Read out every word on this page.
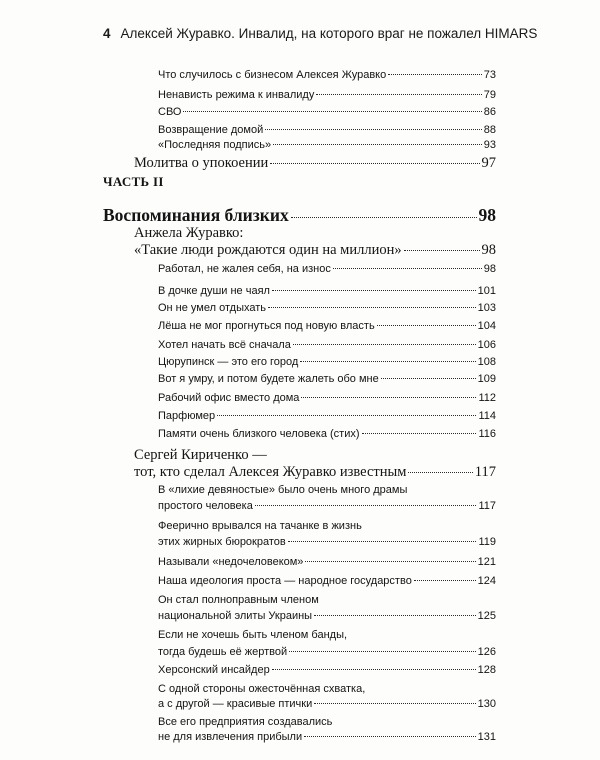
4 Алексей Журавко. Инвалид, на которого враг не пожалел HIMARS
Что случилось с бизнесом Алексея Журавко	73
Ненависть режима к инвалиду	79
СВО	86
Возвращение домой	88
«Последняя подпись»	93
Молитва о упокоении	97
ЧАСТЬ II
Воспоминания близких	98
Анжела Журавко:
«Такие люди рождаются один на миллион»	98
Работал, не жалея себя, на износ	98
В дочке души не чаял	101
Он не умел отдыхать	103
Лёша не мог прогнуться под новую власть	104
Хотел начать всё сначала	106
Цюрупинск — это его город	108
Вот я умру, и потом будете жалеть обо мне	109
Рабочий офис вместо дома	112
Парфюмер	114
Памяти очень близкого человека (стих)	116
Сергей Кириченко —
тот, кто сделал Алексея Журавко известным	117
В «лихие девяностые» было очень много драмы
простого человека	117
Феерично врывался на тачанке в жизнь
этих жирных бюрократов	119
Называли «недочеловеком»	121
Наша идеология проста — народное государство	124
Он стал полноправным членом
национальной элиты Украины	125
Если не хочешь быть членом банды,
тогда будешь её жертвой	126
Херсонский инсайдер	128
С одной стороны ожесточённая схватка,
а с другой — красивые птички	130
Все его предприятия создавались
не для извлечения прибыли	131
